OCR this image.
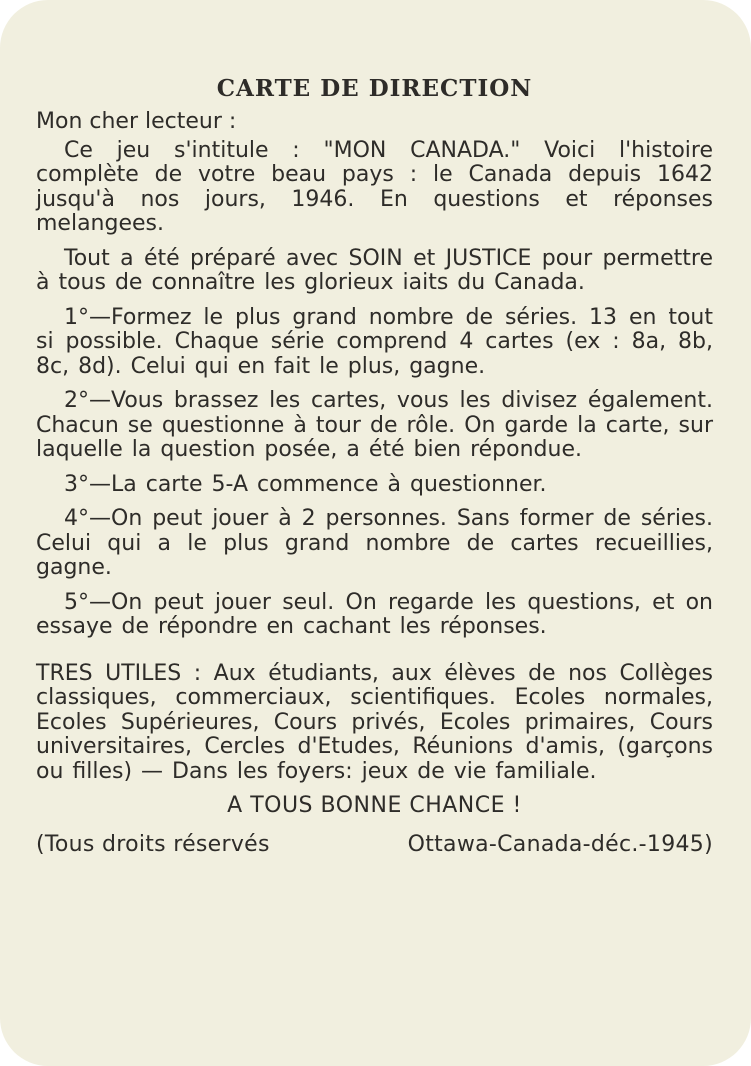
CARTE DE DIRECTION
Mon cher lecteur :
Ce jeu s'intitule : "MON CANADA." Voici l'histoire complète de votre beau pays : le Canada depuis 1642 jusqu'à nos jours, 1946. En questions et réponses melangees.
Tout a été préparé avec SOIN et JUSTICE pour permettre à tous de connaître les glorieux iaits du Canada.
1°—Formez le plus grand nombre de séries. 13 en tout si possible. Chaque série comprend 4 cartes (ex : 8a, 8b, 8c, 8d). Celui qui en fait le plus, gagne.
2°—Vous brassez les cartes, vous les divisez également. Chacun se questionne à tour de rôle. On garde la carte, sur laquelle la question posée, a été bien répondue.
3°—La carte 5-A commence à questionner.
4°—On peut jouer à 2 personnes. Sans former de séries. Celui qui a le plus grand nombre de cartes recueillies, gagne.
5°—On peut jouer seul. On regarde les questions, et on essaye de répondre en cachant les réponses.
TRES UTILES : Aux étudiants, aux élèves de nos Collèges classiques, commerciaux, scientifiques. Ecoles normales, Ecoles Supérieures, Cours privés, Ecoles primaires, Cours universitaires, Cercles d'Etudes, Réunions d'amis, (garçons ou filles) — Dans les foyers: jeux de vie familiale.
A TOUS BONNE CHANCE !
(Tous droits réservés	Ottawa-Canada-déc.-1945)
